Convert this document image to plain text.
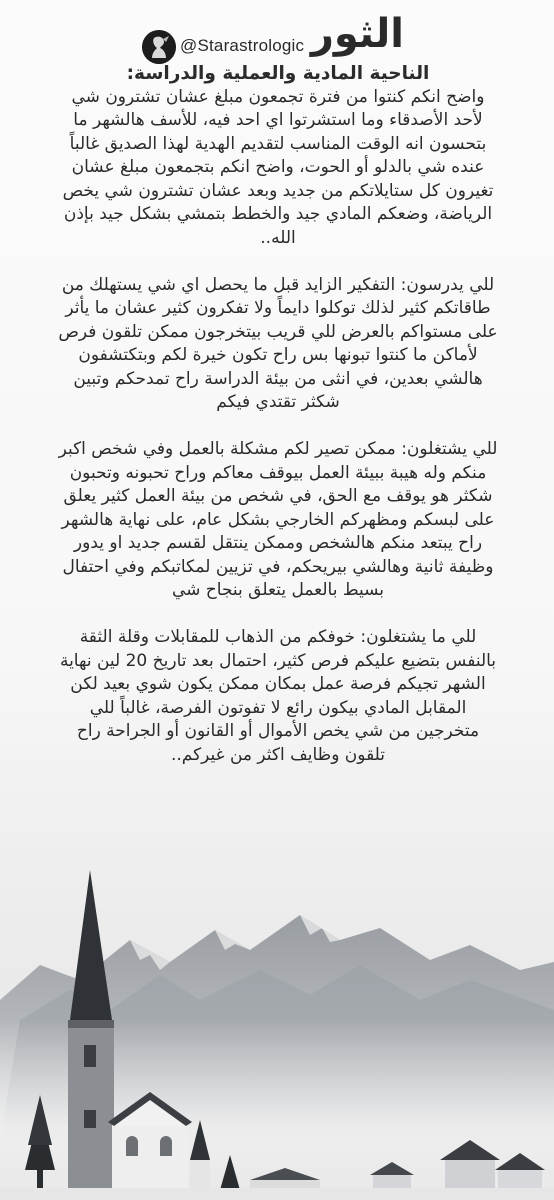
الثور
@Starastrologic

الناحية المادية والعملية والدراسة:

واضح انكم كنتوا من فترة تجمعون مبلغ عشان تشترون شي لأحد الأصدقاء وما استشرتوا اي احد فيه، للأسف هالشهر ما بتحسون انه الوقت المناسب لتقديم الهدية لهذا الصديق غالباً عنده شي بالدلو أو الحوت، واضح انكم بتجمعون مبلغ عشان تغيرون كل ستايلاتكم من جديد وبعد عشان تشترون شي يخص الرياضة، وضعكم المادي جيد والخطط بتمشي بشكل جيد بإذن الله..

للي يدرسون: التفكير الزايد قبل ما يحصل اي شي يستهلك من طاقاتكم كثير لذلك توكلوا دايماً ولا تفكرون كثير عشان ما يأثر على مستواكم بالعرض للي قريب بيتخرجون ممكن تلقون فرص لأماكن ما كنتوا تبونها بس راح تكون خيرة لكم وبتكتشفون هالشي بعدين، في انثى من بيئة الدراسة راح تمدحكم وتبين شكثر تقتدي فيكم

للي يشتغلون: ممكن تصير لكم مشكلة بالعمل وفي شخص اكبر منكم وله هيبة ببيئة العمل بيوقف معاكم وراح تحبونه وتحبون شكثر هو يوقف مع الحق، في شخص من بيئة العمل كثير يعلق على لبسكم ومظهركم الخارجي بشكل عام، على نهاية هالشهر راح يبتعد منكم هالشخص وممكن ينتقل لقسم جديد او يدور وظيفة ثانية وهالشي بيريحكم، في تزيين لمكاتبكم وفي احتفال بسيط بالعمل يتعلق بنجاح شي

للي ما يشتغلون: خوفكم من الذهاب للمقابلات وقلة الثقة بالنفس بتضيع عليكم فرص كثير، احتمال بعد تاريخ 20 لين نهاية الشهر تجيكم فرصة عمل بمكان ممكن يكون شوي بعيد لكن المقابل المادي بيكون رائع لا تفوتون الفرصة، غالباً للي متخرجين من شي يخص الأموال أو القانون أو الجراحة راح تلقون وظايف اكثر من غيركم..
